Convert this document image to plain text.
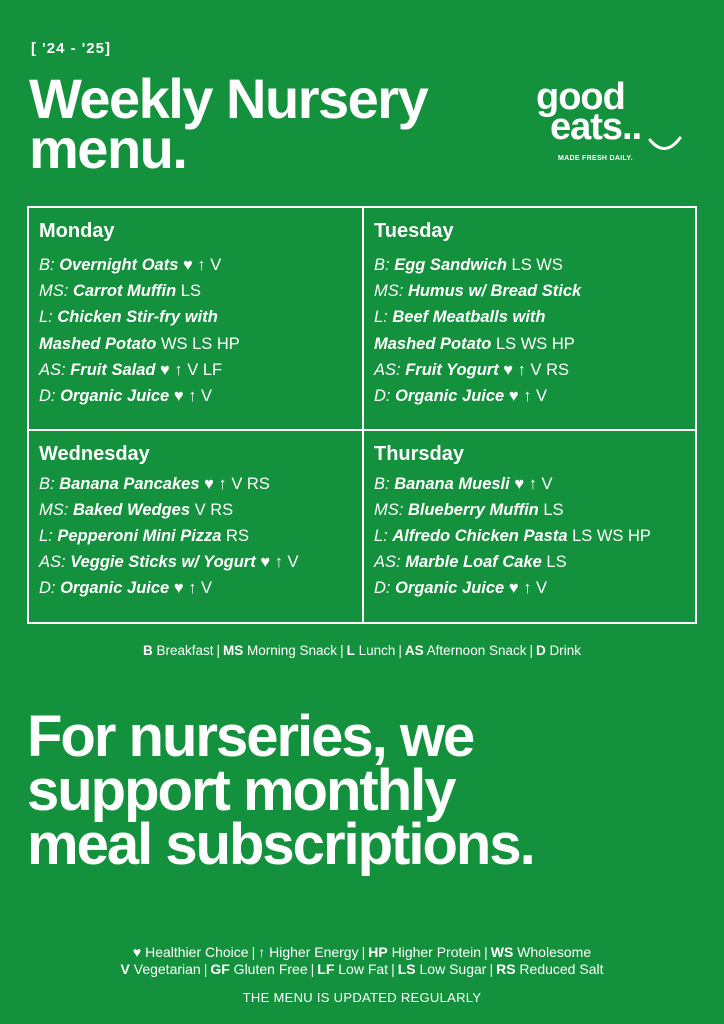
[ '24 - '25]
Weekly Nursery
menu.
good
eats..
MADE FRESH DAILY.
Monday
B: Overnight Oats ♥ ↑ V
MS: Carrot Muffin LS
L: Chicken Stir-fry with
Mashed Potato WS LS HP
AS: Fruit Salad ♥ ↑ V LF
D: Organic Juice ♥ ↑ V
Tuesday
B: Egg Sandwich LS WS
MS: Humus w/ Bread Stick
L: Beef Meatballs with
Mashed Potato LS WS HP
AS: Fruit Yogurt ♥ ↑ V RS
D: Organic Juice ♥ ↑ V
Wednesday
B: Banana Pancakes ♥ ↑ V RS
MS: Baked Wedges V RS
L: Pepperoni Mini Pizza RS
AS: Veggie Sticks w/ Yogurt ♥ ↑ V
D: Organic Juice ♥ ↑ V
Thursday
B: Banana Muesli ♥ ↑ V
MS: Blueberry Muffin LS
L: Alfredo Chicken Pasta LS WS HP
AS: Marble Loaf Cake LS
D: Organic Juice ♥ ↑ V
B Breakfast | MS Morning Snack | L Lunch | AS Afternoon Snack | D Drink
For nurseries, we
support monthly
meal subscriptions.
♥ Healthier Choice | ↑ Higher Energy | HP Higher Protein | WS Wholesome
V Vegetarian | GF Gluten Free | LF Low Fat | LS Low Sugar | RS Reduced Salt
THE MENU IS UPDATED REGULARLY
